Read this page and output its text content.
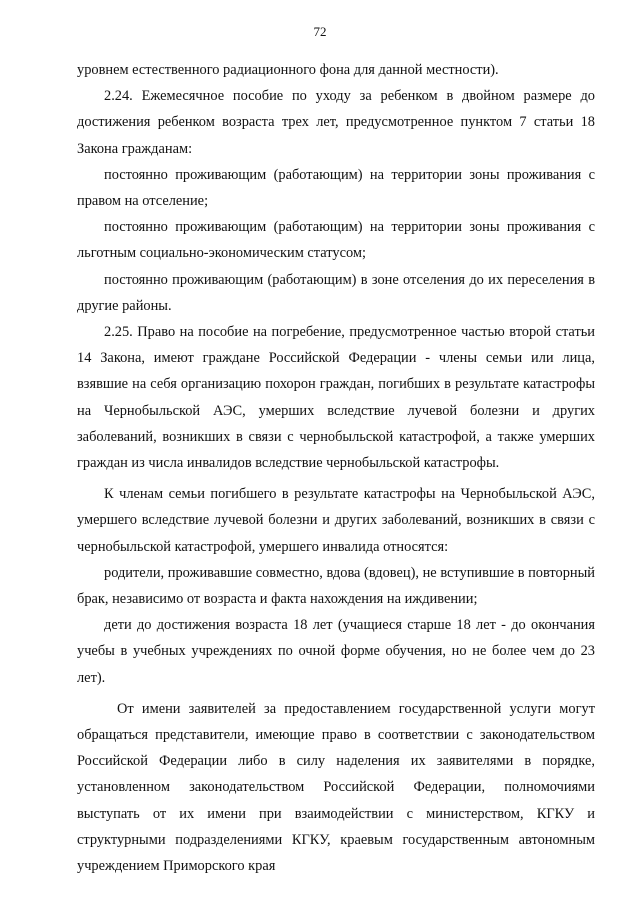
72

уровнем естественного радиационного фона для данной местности).

2.24. Ежемесячное пособие по уходу за ребенком в двойном размере до достижения ребенком возраста трех лет, предусмотренное пунктом 7 статьи 18 Закона гражданам:

постоянно проживающим (работающим) на территории зоны проживания с правом на отселение;

постоянно проживающим (работающим) на территории зоны проживания с льготным социально-экономическим статусом;

постоянно проживающим (работающим) в зоне отселения до их переселения в другие районы.

2.25. Право на пособие на погребение, предусмотренное частью второй статьи 14 Закона, имеют граждане Российской Федерации - члены семьи или лица, взявшие на себя организацию похорон граждан, погибших в результате катастрофы на Чернобыльской АЭС, умерших вследствие лучевой болезни и других заболеваний, возникших в связи с чернобыльской катастрофой, а также умерших граждан из числа инвалидов вследствие чернобыльской катастрофы.

К членам семьи погибшего в результате катастрофы на Чернобыльской АЭС, умершего вследствие лучевой болезни и других заболеваний, возникших в связи с чернобыльской катастрофой, умершего инвалида относятся:

родители, проживавшие совместно, вдова (вдовец), не вступившие в повторный брак, независимо от возраста и факта нахождения на иждивении;

дети до достижения возраста 18 лет (учащиеся старше 18 лет - до окончания учебы в учебных учреждениях по очной форме обучения, но не более чем до 23 лет).

От имени заявителей за предоставлением государственной услуги могут обращаться представители, имеющие право в соответствии с законодательством Российской Федерации либо в силу наделения их заявителями в порядке, установленном законодательством Российской Федерации, полномочиями выступать от их имени при взаимодействии с министерством, КГКУ и структурными подразделениями КГКУ, краевым государственным автономным учреждением Приморского края
